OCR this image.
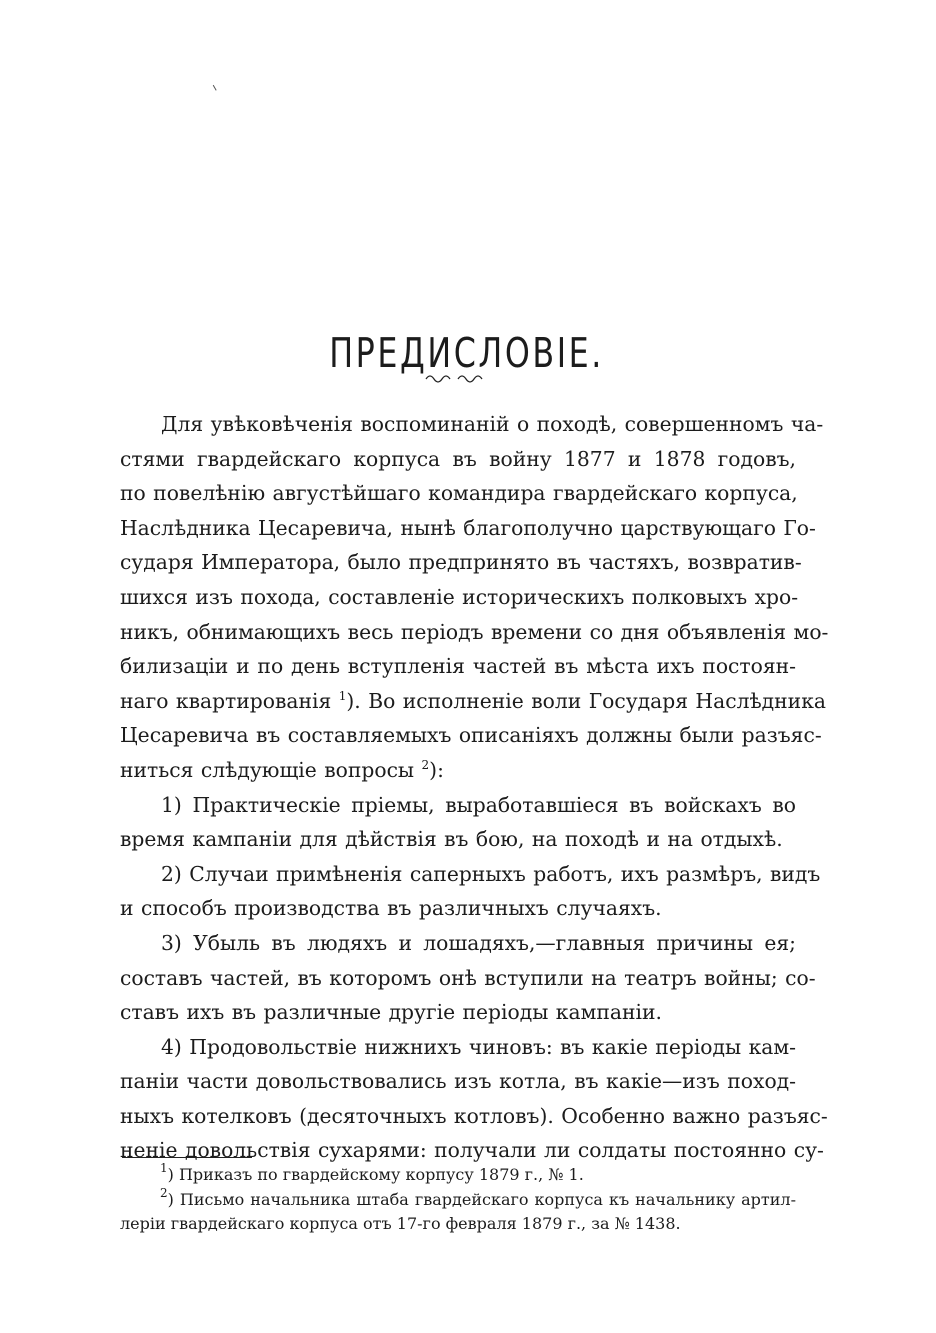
ПРЕДИСЛОВІЕ.
Для увѣковѣченія воспоминаній о походѣ, совершенномъ ча-
стями гвардейскаго корпуса въ войну 1877 и 1878 годовъ,
по повелѣнію августѣйшаго командира гвардейскаго корпуса,
Наслѣдника Цесаревича, нынѣ благополучно царствующаго Го-
сударя Императора, было предпринято въ частяхъ, возвратив-
шихся изъ похода, составленіе историческихъ полковыхъ хро-
никъ, обнимающихъ весь періодъ времени со дня объявленія мо-
билизаціи и по день вступленія частей въ мѣста ихъ постоян-
наго квартированія $^1$). Во исполненіе воли Государя Наслѣдника
Цесаревича въ составляемыхъ описаніяхъ должны были разъяс-
ниться слѣдующіе вопросы $^2$):
1) Практическіе пріемы, выработавшіеся въ войскахъ во
время кампаніи для дѣйствія въ бою, на походѣ и на отдыхѣ.
2) Случаи примѣненія саперныхъ работъ, ихъ размѣръ, видъ
и способъ производства въ различныхъ случаяхъ.
3) Убыль въ людяхъ и лошадяхъ,—главныя причины ея;
составъ частей, въ которомъ онѣ вступили на театръ войны; со-
ставъ ихъ въ различные другіе періоды кампаніи.
4) Продовольствіе нижнихъ чиновъ: въ какіе періоды кам-
паніи части довольствовались изъ котла, въ какіе—изъ поход-
ныхъ котелковъ (десяточныхъ котловъ). Особенно важно разъяс-
неніе довольствія сухарями: получали ли солдаты постоянно су-
$^1$) Приказъ по гвардейскому корпусу 1879 г., № 1.
$^2$) Письмо начальника штаба гвардейскаго корпуса къ начальнику артил-
леріи гвардейскаго корпуса отъ 17-го февраля 1879 г., за № 1438.
